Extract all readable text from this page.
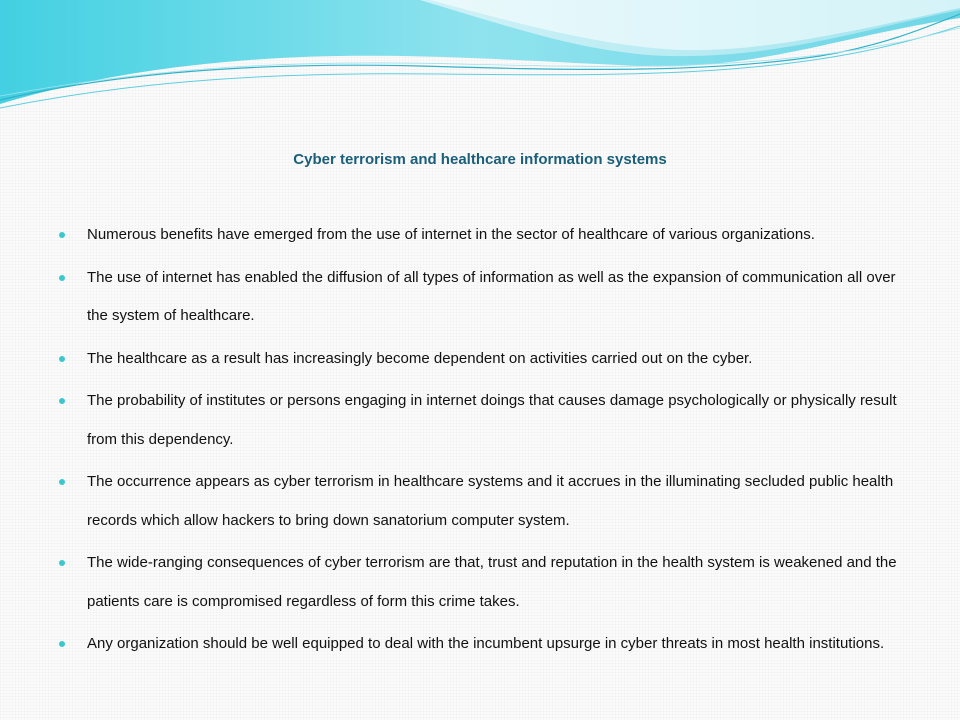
Cyber terrorism and healthcare information systems
Numerous benefits have emerged from the use of internet in the sector of healthcare of various organizations.
The use of internet has enabled the diffusion of all types of information as well as the expansion of communication all over the system of healthcare.
The healthcare as a result has increasingly become dependent on activities carried out on the cyber.
The probability of institutes or persons engaging in internet doings that causes damage psychologically or physically result from this dependency.
The occurrence appears as cyber terrorism in healthcare systems and it accrues in the illuminating secluded public health records which allow hackers to bring down sanatorium computer system.
The wide-ranging consequences of cyber terrorism are that, trust and reputation in the health system is weakened and the patients care is compromised regardless of form this crime takes.
Any organization should be well equipped to deal with the incumbent upsurge in cyber threats in most health institutions.
